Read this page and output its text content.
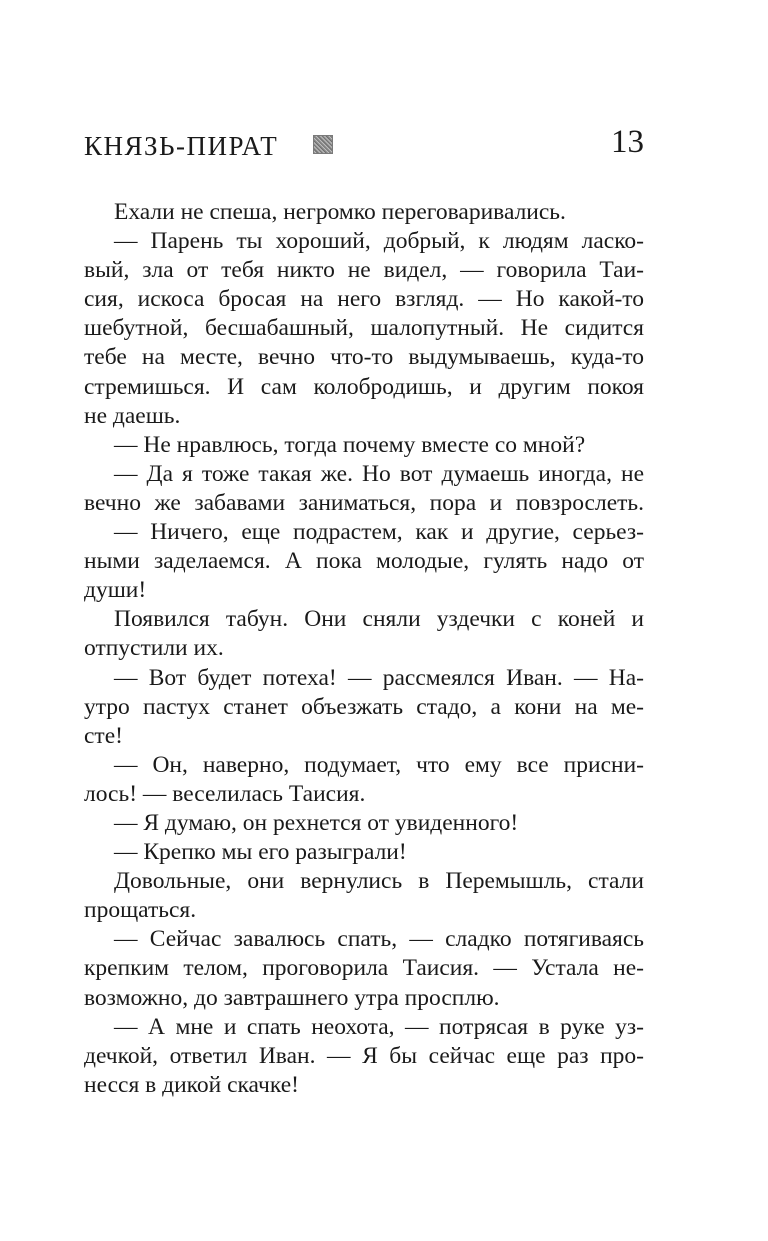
КНЯЗЬ-ПИРАТ	13
Ехали не спеша, негромко переговаривались.
— Парень ты хороший, добрый, к людям ласко-
вый, зла от тебя никто не видел, — говорила Таи-
сия, искоса бросая на него взгляд. — Но какой-то
шебутной, бесшабашный, шалопутный. Не сидится
тебе на месте, вечно что-то выдумываешь, куда-то
стремишься. И сам колобродишь, и другим покоя
не даешь.
— Не нравлюсь, тогда почему вместе со мной?
— Да я тоже такая же. Но вот думаешь иногда, не
вечно же забавами заниматься, пора и повзрослеть.
— Ничего, еще подрастем, как и другие, серьез-
ными заделаемся. А пока молодые, гулять надо от
души!
Появился табун. Они сняли уздечки с коней и
отпустили их.
— Вот будет потеха! — рассмеялся Иван. — На-
утро пастух станет объезжать стадо, а кони на ме-
сте!
— Он, наверно, подумает, что ему все присни-
лось! — веселилась Таисия.
— Я думаю, он рехнется от увиденного!
— Крепко мы его разыграли!
Довольные, они вернулись в Перемышль, стали
прощаться.
— Сейчас завалюсь спать, — сладко потягиваясь
крепким телом, проговорила Таисия. — Устала не-
возможно, до завтрашнего утра просплю.
— А мне и спать неохота, — потрясая в руке уз-
дечкой, ответил Иван. — Я бы сейчас еще раз про-
несся в дикой скачке!
